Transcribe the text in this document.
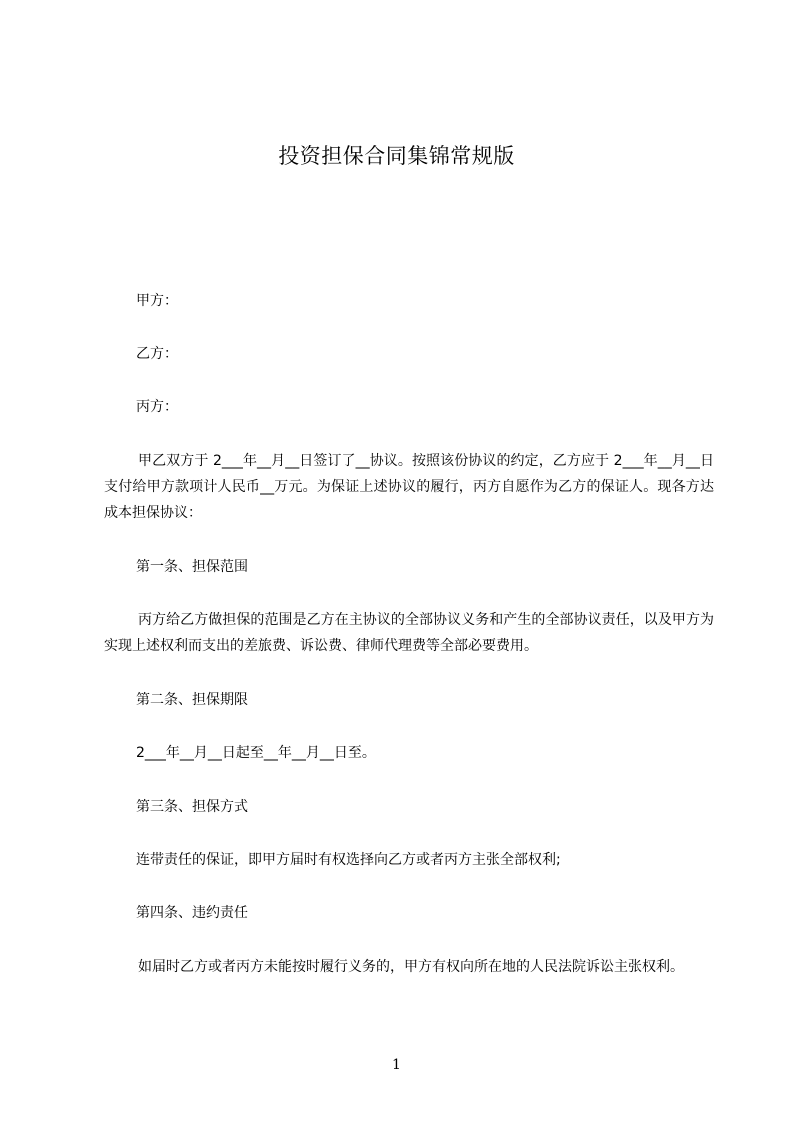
投资担保合同集锦常规版

甲方：

乙方：

丙方：

甲乙双方于 2___年__月__日签订了__协议。按照该份协议的约定，乙方应于 2___年__月__日支付给甲方款项计人民币__万元。为保证上述协议的履行，丙方自愿作为乙方的保证人。现各方达成本担保协议：

第一条、担保范围

丙方给乙方做担保的范围是乙方在主协议的全部协议义务和产生的全部协议责任，以及甲方为实现上述权利而支出的差旅费、诉讼费、律师代理费等全部必要费用。

第二条、担保期限

2___年__月__日起至__年__月__日至。

第三条、担保方式

连带责任的保证，即甲方届时有权选择向乙方或者丙方主张全部权利;

第四条、违约责任

如届时乙方或者丙方未能按时履行义务的，甲方有权向所在地的人民法院诉讼主张权利。

1
